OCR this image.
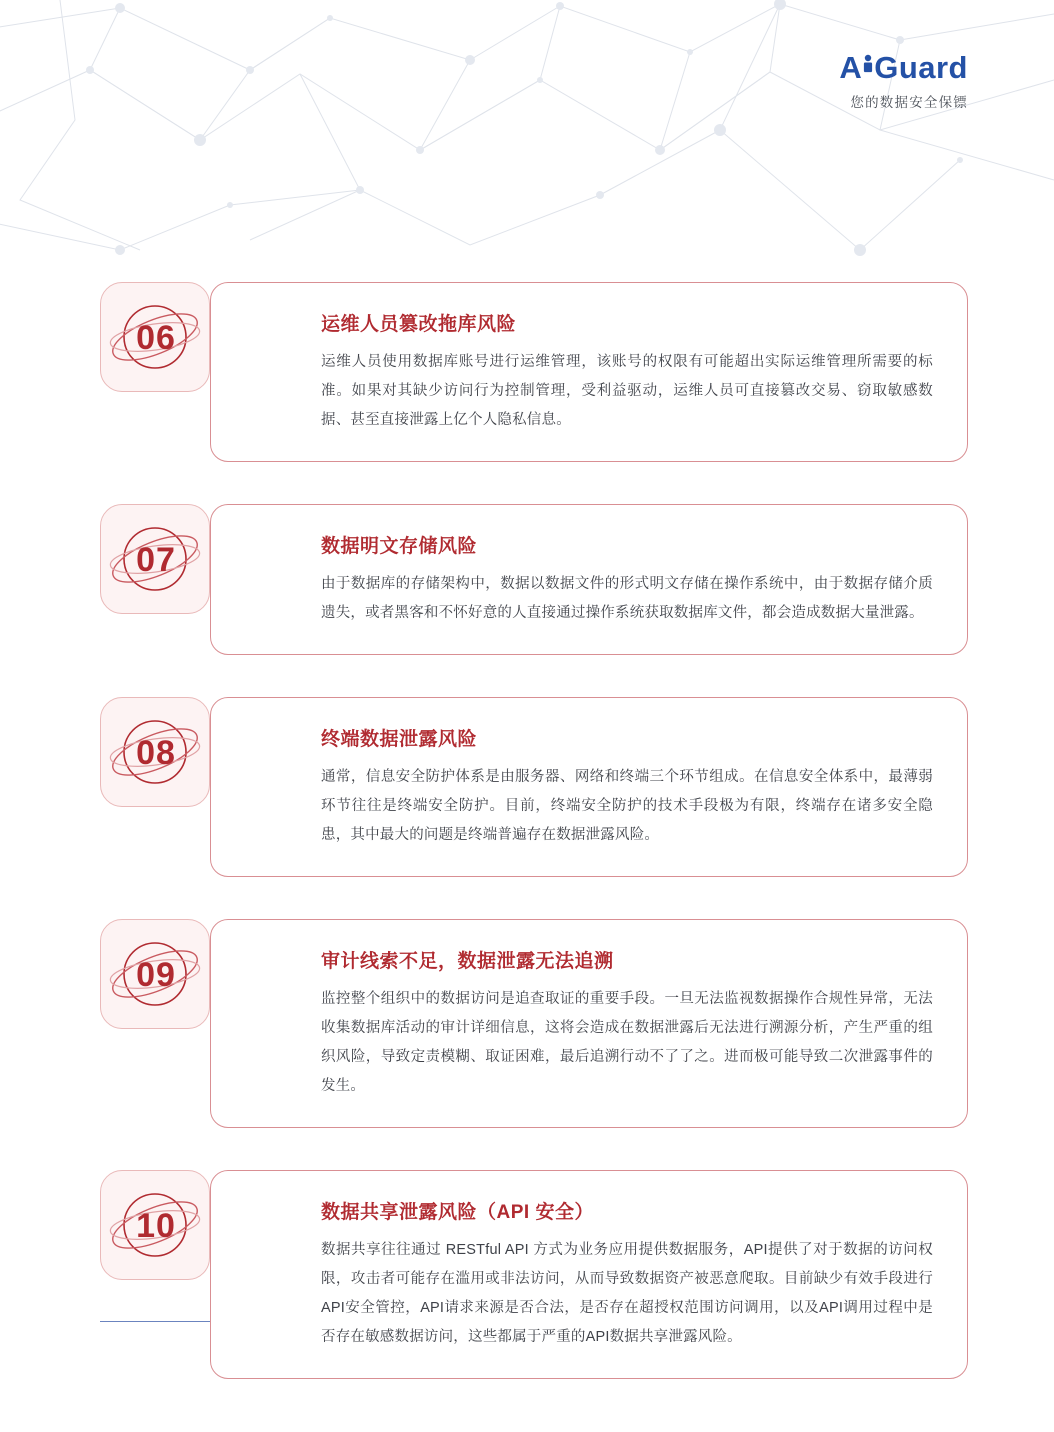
A Guard
您的数据安全保镖
运维人员篡改拖库风险
运维人员使用数据库账号进行运维管理，该账号的权限有可能超出实际运维管理所需要的标准。如果对其缺少访问行为控制管理，受利益驱动，运维人员可直接篡改交易、窃取敏感数据、甚至直接泄露上亿个人隐私信息。
06
数据明文存储风险
由于数据库的存储架构中，数据以数据文件的形式明文存储在操作系统中，由于数据存储介质遗失，或者黑客和不怀好意的人直接通过操作系统获取数据库文件，都会造成数据大量泄露。
07
终端数据泄露风险
通常，信息安全防护体系是由服务器、网络和终端三个环节组成。在信息安全体系中，最薄弱环节往往是终端安全防护。目前，终端安全防护的技术手段极为有限，终端存在诸多安全隐患，其中最大的问题是终端普遍存在数据泄露风险。
08
审计线索不足，数据泄露无法追溯
监控整个组织中的数据访问是追查取证的重要手段。一旦无法监视数据操作合规性异常，无法收集数据库活动的审计详细信息，这将会造成在数据泄露后无法进行溯源分析，产生严重的组织风险，导致定责模糊、取证困难，最后追溯行动不了了之。进而极可能导致二次泄露事件的发生。
09
数据共享泄露风险（API 安全）
数据共享往往通过 RESTful API 方式为业务应用提供数据服务，API提供了对于数据的访问权限，攻击者可能存在滥用或非法访问，从而导致数据资产被恶意爬取。目前缺少有效手段进行API安全管控，API请求来源是否合法，是否存在超授权范围访问调用，以及API调用过程中是否存在敏感数据访问，这些都属于严重的API数据共享泄露风险。
10
